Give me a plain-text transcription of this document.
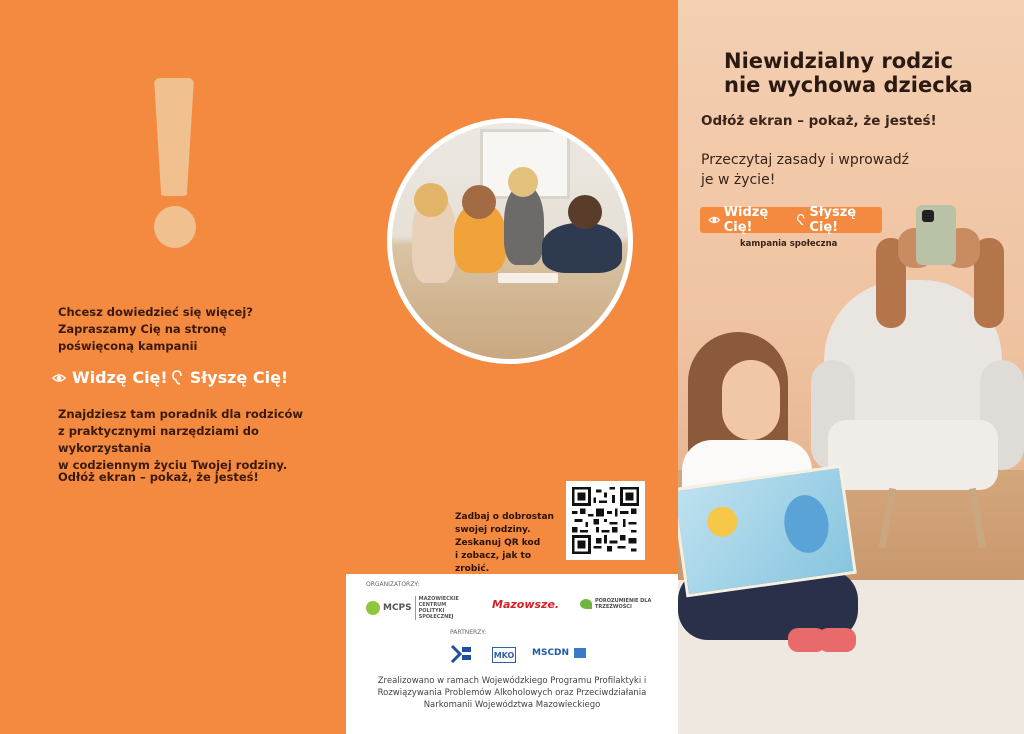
Chcesz dowiedzieć się więcej?
Zapraszamy Cię na stronę
poświęconą kampanii
Widzę Cię! Słyszę Cię!
Znajdziesz tam poradnik dla rodziców
z praktycznymi narzędziami do wykorzystania
w codziennym życiu Twojej rodziny.
Odłóż ekran – pokaż, że jesteś!
Zadbaj o dobrostan
swojej rodziny.
Zeskanuj QR kod
i zobacz, jak to zrobić.
ORGANIZATORZY:
MCPS
MAZOWIECKIE CENTRUM POLITYKI SPOŁECZNEJ
Mazowsze.	POROZUMIENIE DLA TRZEŹWOŚCI
PARTNERZY:
MKO MSCDN
Zrealizowano w ramach Wojewódzkiego Programu Profilaktyki i Rozwiązywania Problemów Alkoholowych oraz Przeciwdziałania Narkomanii Województwa Mazowieckiego
Niewidzialny rodzic
nie wychowa dziecka
Odłóż ekran – pokaż, że jesteś!
Przeczytaj zasady i wprowadź
je w życie!
Widzę Cię!
Słyszę Cię!
kampania społeczna
